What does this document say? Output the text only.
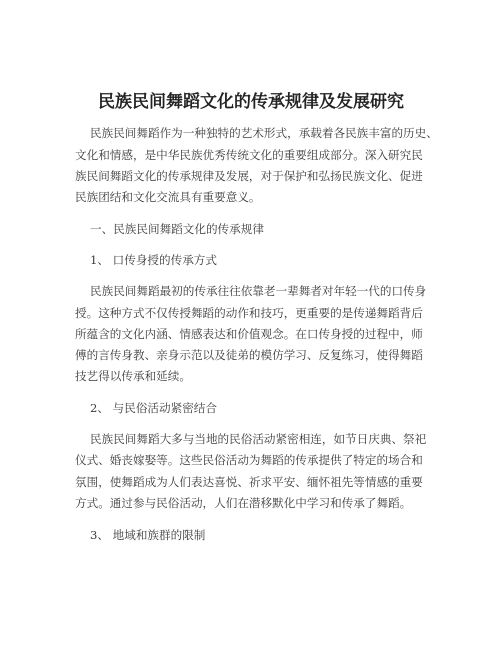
民族民间舞蹈文化的传承规律及发展研究

民族民间舞蹈作为一种独特的艺术形式，承载着各民族丰富的历史、

文化和情感，是中华民族优秀传统文化的重要组成部分。深入研究民

族民间舞蹈文化的传承规律及发展，对于保护和弘扬民族文化、促进

民族团结和文化交流具有重要意义。

一、民族民间舞蹈文化的传承规律

1、 口传身授的传承方式

民族民间舞蹈最初的传承往往依靠老一辈舞者对年轻一代的口传身

授。这种方式不仅传授舞蹈的动作和技巧，更重要的是传递舞蹈背后

所蕴含的文化内涵、情感表达和价值观念。在口传身授的过程中，师

傅的言传身教、亲身示范以及徒弟的模仿学习、反复练习，使得舞蹈

技艺得以传承和延续。

2、 与民俗活动紧密结合

民族民间舞蹈大多与当地的民俗活动紧密相连，如节日庆典、祭祀

仪式、婚丧嫁娶等。这些民俗活动为舞蹈的传承提供了特定的场合和

氛围，使舞蹈成为人们表达喜悦、祈求平安、缅怀祖先等情感的重要

方式。通过参与民俗活动，人们在潜移默化中学习和传承了舞蹈。

3、 地域和族群的限制
